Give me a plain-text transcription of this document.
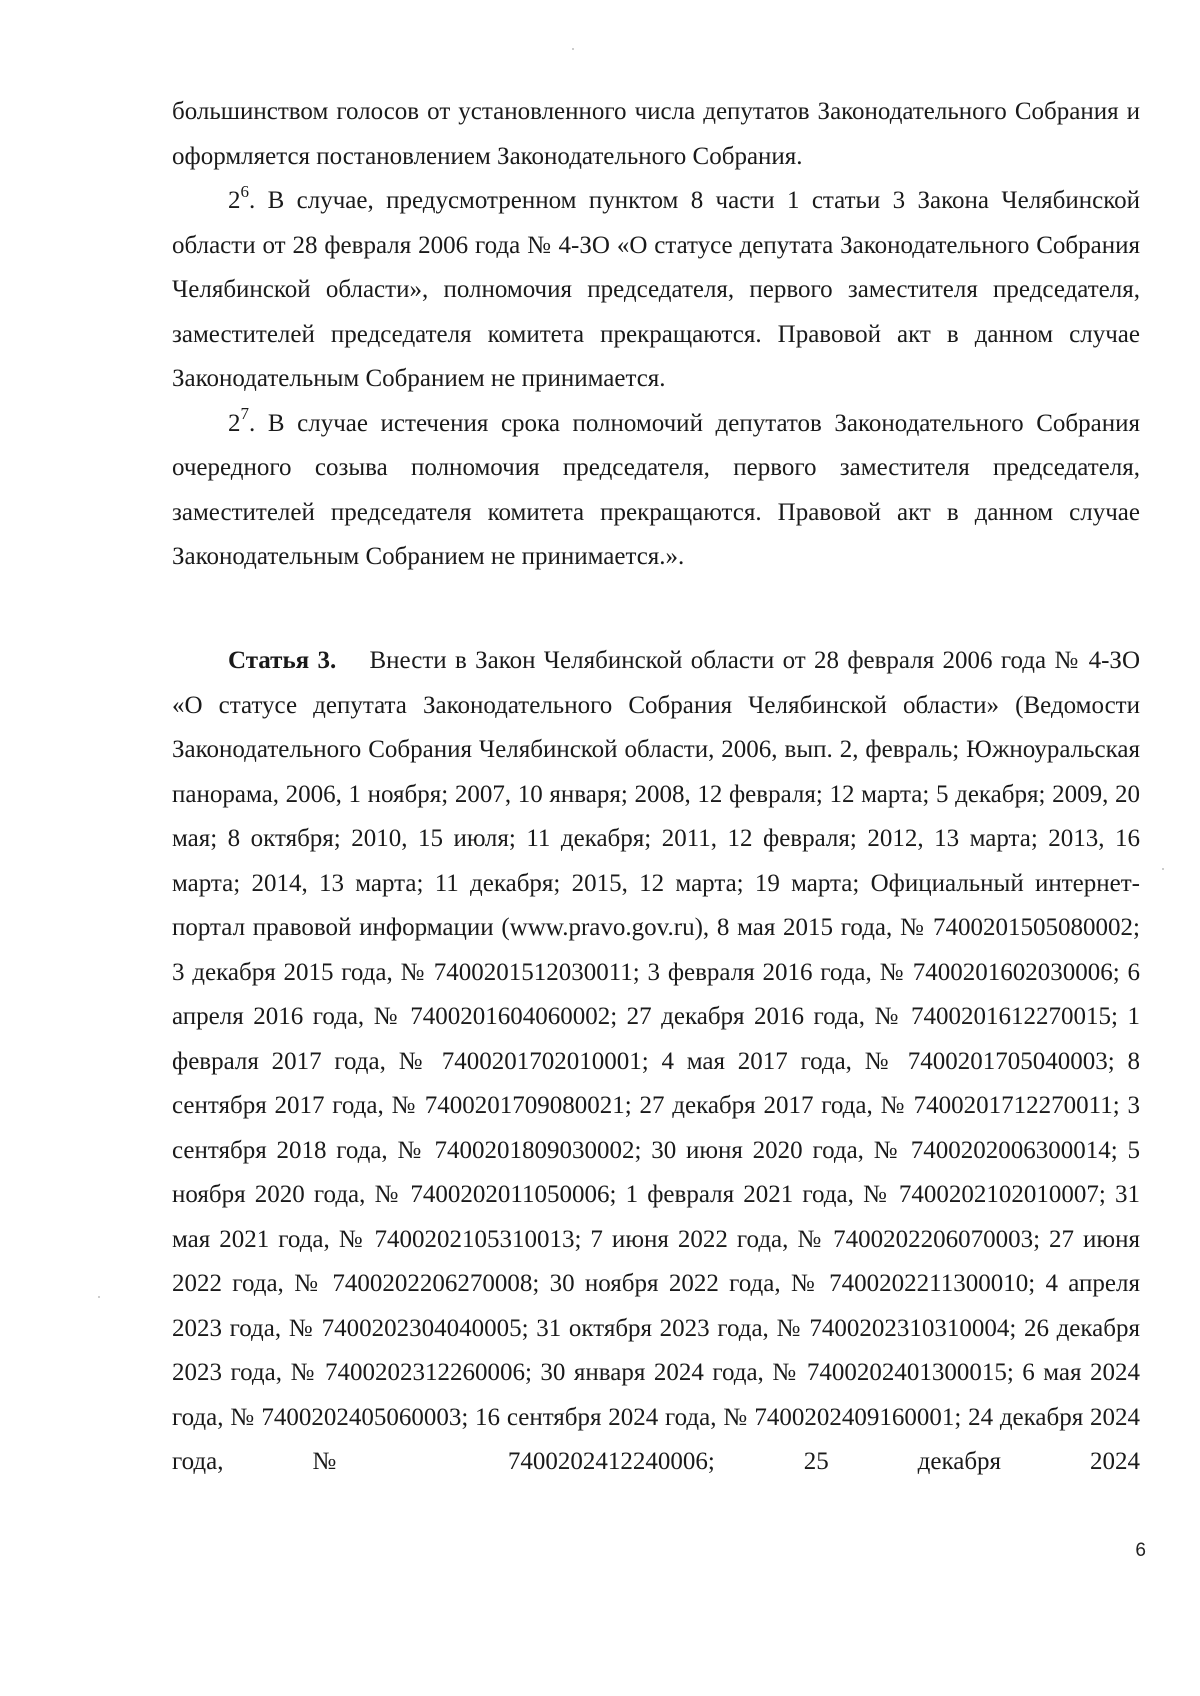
большинством голосов от установленного числа депутатов Законодательного Собрания и оформляется постановлением Законодательного Собрания.

$2^6$. В случае, предусмотренном пунктом 8 части 1 статьи 3 Закона Челябинской области от 28 февраля 2006 года № 4-ЗО «О статусе депутата Законодательного Собрания Челябинской области», полномочия председателя, первого заместителя председателя, заместителей председателя комитета прекращаются. Правовой акт в данном случае Законодательным Собранием не принимается.

$2^7$. В случае истечения срока полномочий депутатов Законодательного Собрания очередного созыва полномочия председателя, первого заместителя председателя, заместителей председателя комитета прекращаются. Правовой акт в данном случае Законодательным Собранием не принимается.».

Статья 3. Внести в Закон Челябинской области от 28 февраля 2006 года № 4-ЗО «О статусе депутата Законодательного Собрания Челябинской области» (Ведомости Законодательного Собрания Челябинской области, 2006, вып. 2, февраль; Южноуральская панорама, 2006, 1 ноября; 2007, 10 января; 2008, 12 февраля; 12 марта; 5 декабря; 2009, 20 мая; 8 октября; 2010, 15 июля; 11 декабря; 2011, 12 февраля; 2012, 13 марта; 2013, 16 марта; 2014, 13 марта; 11 декабря; 2015, 12 марта; 19 марта; Официальный интернет-портал правовой информации (www.pravo.gov.ru), 8 мая 2015 года, № 7400201505080002; 3 декабря 2015 года, № 7400201512030011; 3 февраля 2016 года, № 7400201602030006; 6 апреля 2016 года, № 7400201604060002; 27 декабря 2016 года, № 7400201612270015; 1 февраля 2017 года, № 7400201702010001; 4 мая 2017 года, № 7400201705040003; 8 сентября 2017 года, № 7400201709080021; 27 декабря 2017 года, № 7400201712270011; 3 сентября 2018 года, № 7400201809030002; 30 июня 2020 года, № 7400202006300014; 5 ноября 2020 года, № 7400202011050006; 1 февраля 2021 года, № 7400202102010007; 31 мая 2021 года, № 7400202105310013; 7 июня 2022 года, № 7400202206070003; 27 июня 2022 года, № 7400202206270008; 30 ноября 2022 года, № 7400202211300010; 4 апреля 2023 года, № 7400202304040005; 31 октября 2023 года, № 7400202310310004; 26 декабря 2023 года, № 7400202312260006; 30 января 2024 года, № 7400202401300015; 6 мая 2024 года, № 7400202405060003; 16 сентября 2024 года, № 7400202409160001; 24 декабря 2024 года, № 7400202412240006; 25 декабря 2024

6
